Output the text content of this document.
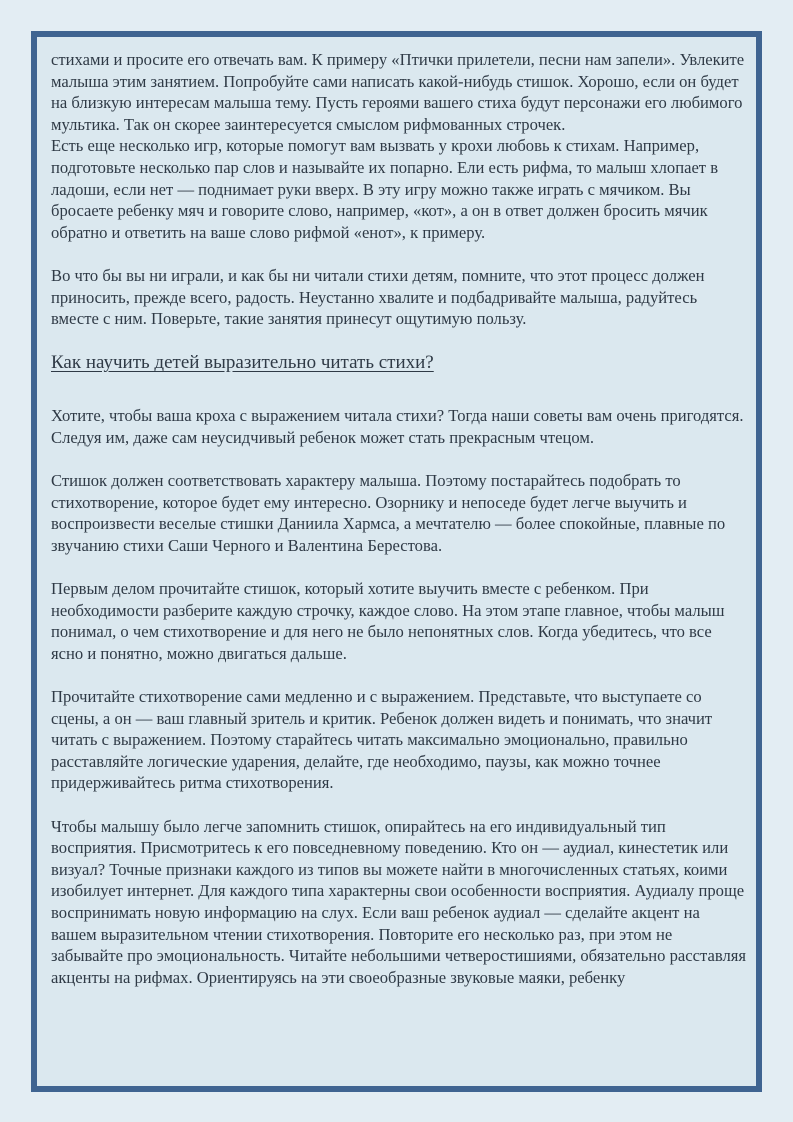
стихами и просите его отвечать вам. К примеру «Птички прилетели, песни нам запели». Увлеките малыша этим занятием. Попробуйте сами написать какой-нибудь стишок. Хорошо, если он будет на близкую интересам малыша тему. Пусть героями вашего стиха будут персонажи его любимого мультика. Так он скорее заинтересуется смыслом рифмованных строчек.

Есть еще несколько игр, которые помогут вам вызвать у крохи любовь к стихам. Например, подготовьте несколько пар слов и называйте их попарно. Ели есть рифма, то малыш хлопает в ладоши, если нет — поднимает руки вверх. В эту игру можно также играть с мячиком. Вы бросаете ребенку мяч и говорите слово, например, «кот», а он в ответ должен бросить мячик обратно и ответить на ваше слово рифмой «енот», к примеру.

Во что бы вы ни играли, и как бы ни читали стихи детям, помните, что этот процесс должен приносить, прежде всего, радость. Неустанно хвалите и подбадривайте малыша, радуйтесь вместе с ним. Поверьте, такие занятия принесут ощутимую пользу.

Как научить детей выразительно читать стихи?

Хотите, чтобы ваша кроха с выражением читала стихи? Тогда наши советы вам очень пригодятся. Следуя им, даже сам неусидчивый ребенок может стать прекрасным чтецом.

Стишок должен соответствовать характеру малыша. Поэтому постарайтесь подобрать то стихотворение, которое будет ему интересно. Озорнику и непоседе будет легче выучить и воспроизвести веселые стишки Даниила Хармса, а мечтателю — более спокойные, плавные по звучанию стихи Саши Черного и Валентина Берестова.

Первым делом прочитайте стишок, который хотите выучить вместе с ребенком. При необходимости разберите каждую строчку, каждое слово. На этом этапе главное, чтобы малыш понимал, о чем стихотворение и для него не было непонятных слов. Когда убедитесь, что все ясно и понятно, можно двигаться дальше.

Прочитайте стихотворение сами медленно и с выражением. Представьте, что выступаете со сцены, а он — ваш главный зритель и критик. Ребенок должен видеть и понимать, что значит читать с выражением. Поэтому старайтесь читать максимально эмоционально, правильно расставляйте логические ударения, делайте, где необходимо, паузы, как можно точнее придерживайтесь ритма стихотворения.

Чтобы малышу было легче запомнить стишок, опирайтесь на его индивидуальный тип восприятия. Присмотритесь к его повседневному поведению. Кто он — аудиал, кинестетик или визуал? Точные признаки каждого из типов вы можете найти в многочисленных статьях, коими изобилует интернет. Для каждого типа характерны свои особенности восприятия. Аудиалу проще воспринимать новую информацию на слух. Если ваш ребенок аудиал — сделайте акцент на вашем выразительном чтении стихотворения. Повторите его несколько раз, при этом не забывайте про эмоциональность. Читайте небольшими четверостишиями, обязательно расставляя акценты на рифмах. Ориентируясь на эти своеобразные звуковые маяки, ребенку
